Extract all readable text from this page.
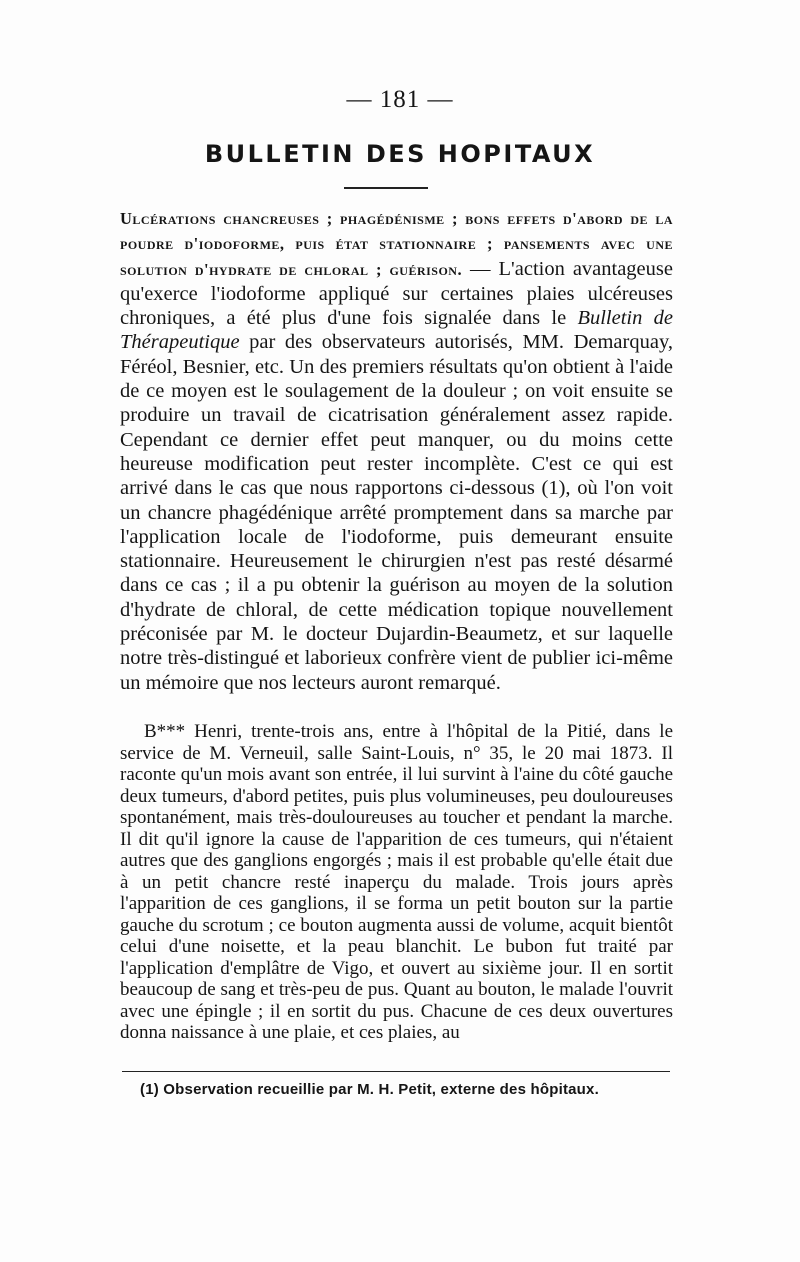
— 181 —
BULLETIN DES HOPITAUX
Ulcérations chancreuses ; phagédénisme ; bons effets d'abord de la poudre d'iodoforme, puis état stationnaire ; pansements avec une solution d'hydrate de chloral ; guérison. — L'action avantageuse qu'exerce l'iodoforme appliqué sur certaines plaies ulcéreuses chroniques, a été plus d'une fois signalée dans le Bulletin de Thérapeutique par des observateurs autorisés, MM. Demarquay, Féréol, Besnier, etc. Un des premiers résultats qu'on obtient à l'aide de ce moyen est le soulagement de la douleur ; on voit ensuite se produire un travail de cicatrisation généralement assez rapide. Cependant ce dernier effet peut manquer, ou du moins cette heureuse modification peut rester incomplète. C'est ce qui est arrivé dans le cas que nous rapportons ci-dessous (1), où l'on voit un chancre phagédénique arrêté promptement dans sa marche par l'application locale de l'iodoforme, puis demeurant ensuite stationnaire. Heureusement le chirurgien n'est pas resté désarmé dans ce cas ; il a pu obtenir la guérison au moyen de la solution d'hydrate de chloral, de cette médication topique nouvellement préconisée par M. le docteur Dujardin-Beaumetz, et sur laquelle notre très-distingué et laborieux confrère vient de publier ici-même un mémoire que nos lecteurs auront remarqué.
B*** Henri, trente-trois ans, entre à l'hôpital de la Pitié, dans le service de M. Verneuil, salle Saint-Louis, n° 35, le 20 mai 1873. Il raconte qu'un mois avant son entrée, il lui survint à l'aine du côté gauche deux tumeurs, d'abord petites, puis plus volumineuses, peu douloureuses spontanément, mais très-douloureuses au toucher et pendant la marche. Il dit qu'il ignore la cause de l'apparition de ces tumeurs, qui n'étaient autres que des ganglions engorgés ; mais il est probable qu'elle était due à un petit chancre resté inaperçu du malade. Trois jours après l'apparition de ces ganglions, il se forma un petit bouton sur la partie gauche du scrotum ; ce bouton augmenta aussi de volume, acquit bientôt celui d'une noisette, et la peau blanchit. Le bubon fut traité par l'application d'emplâtre de Vigo, et ouvert au sixième jour. Il en sortit beaucoup de sang et très-peu de pus. Quant au bouton, le malade l'ouvrit avec une épingle ; il en sortit du pus. Chacune de ces deux ouvertures donna naissance à une plaie, et ces plaies, au
(1) Observation recueillie par M. H. Petit, externe des hôpitaux.
